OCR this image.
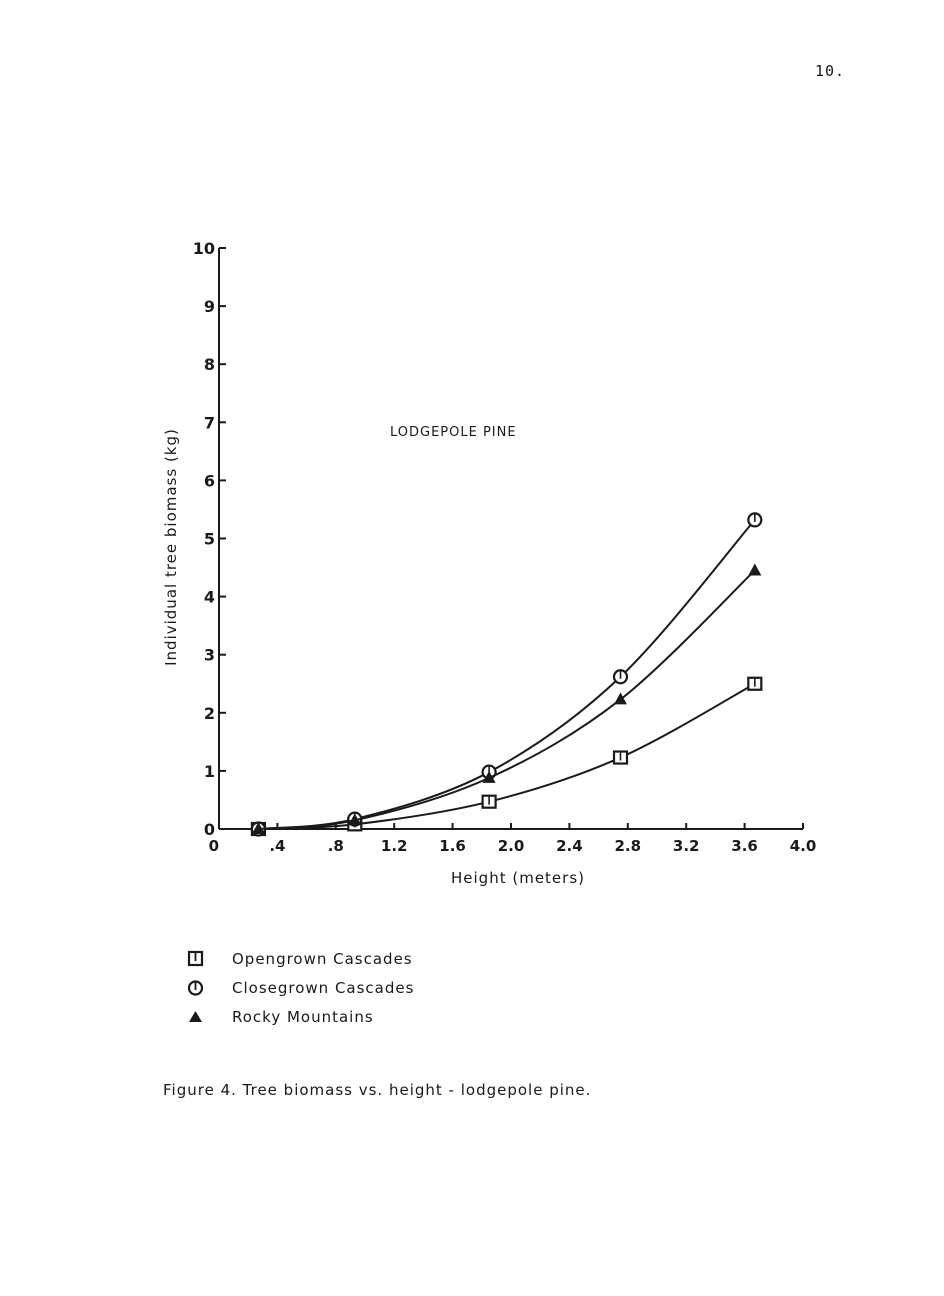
10.
0
1
2
3
4
5
6
7
8
9
10
0	.4	.8 1.2 1.6 2.0 2.4 2.8 3.2 3.6 4.0
LODGEPOLE PINE
Height (meters)
Individual tree biomass (kg)
Opengrown Cascades
Closegrown Cascades
Rocky Mountains
Figure 4. Tree biomass vs. height - lodgepole pine.
